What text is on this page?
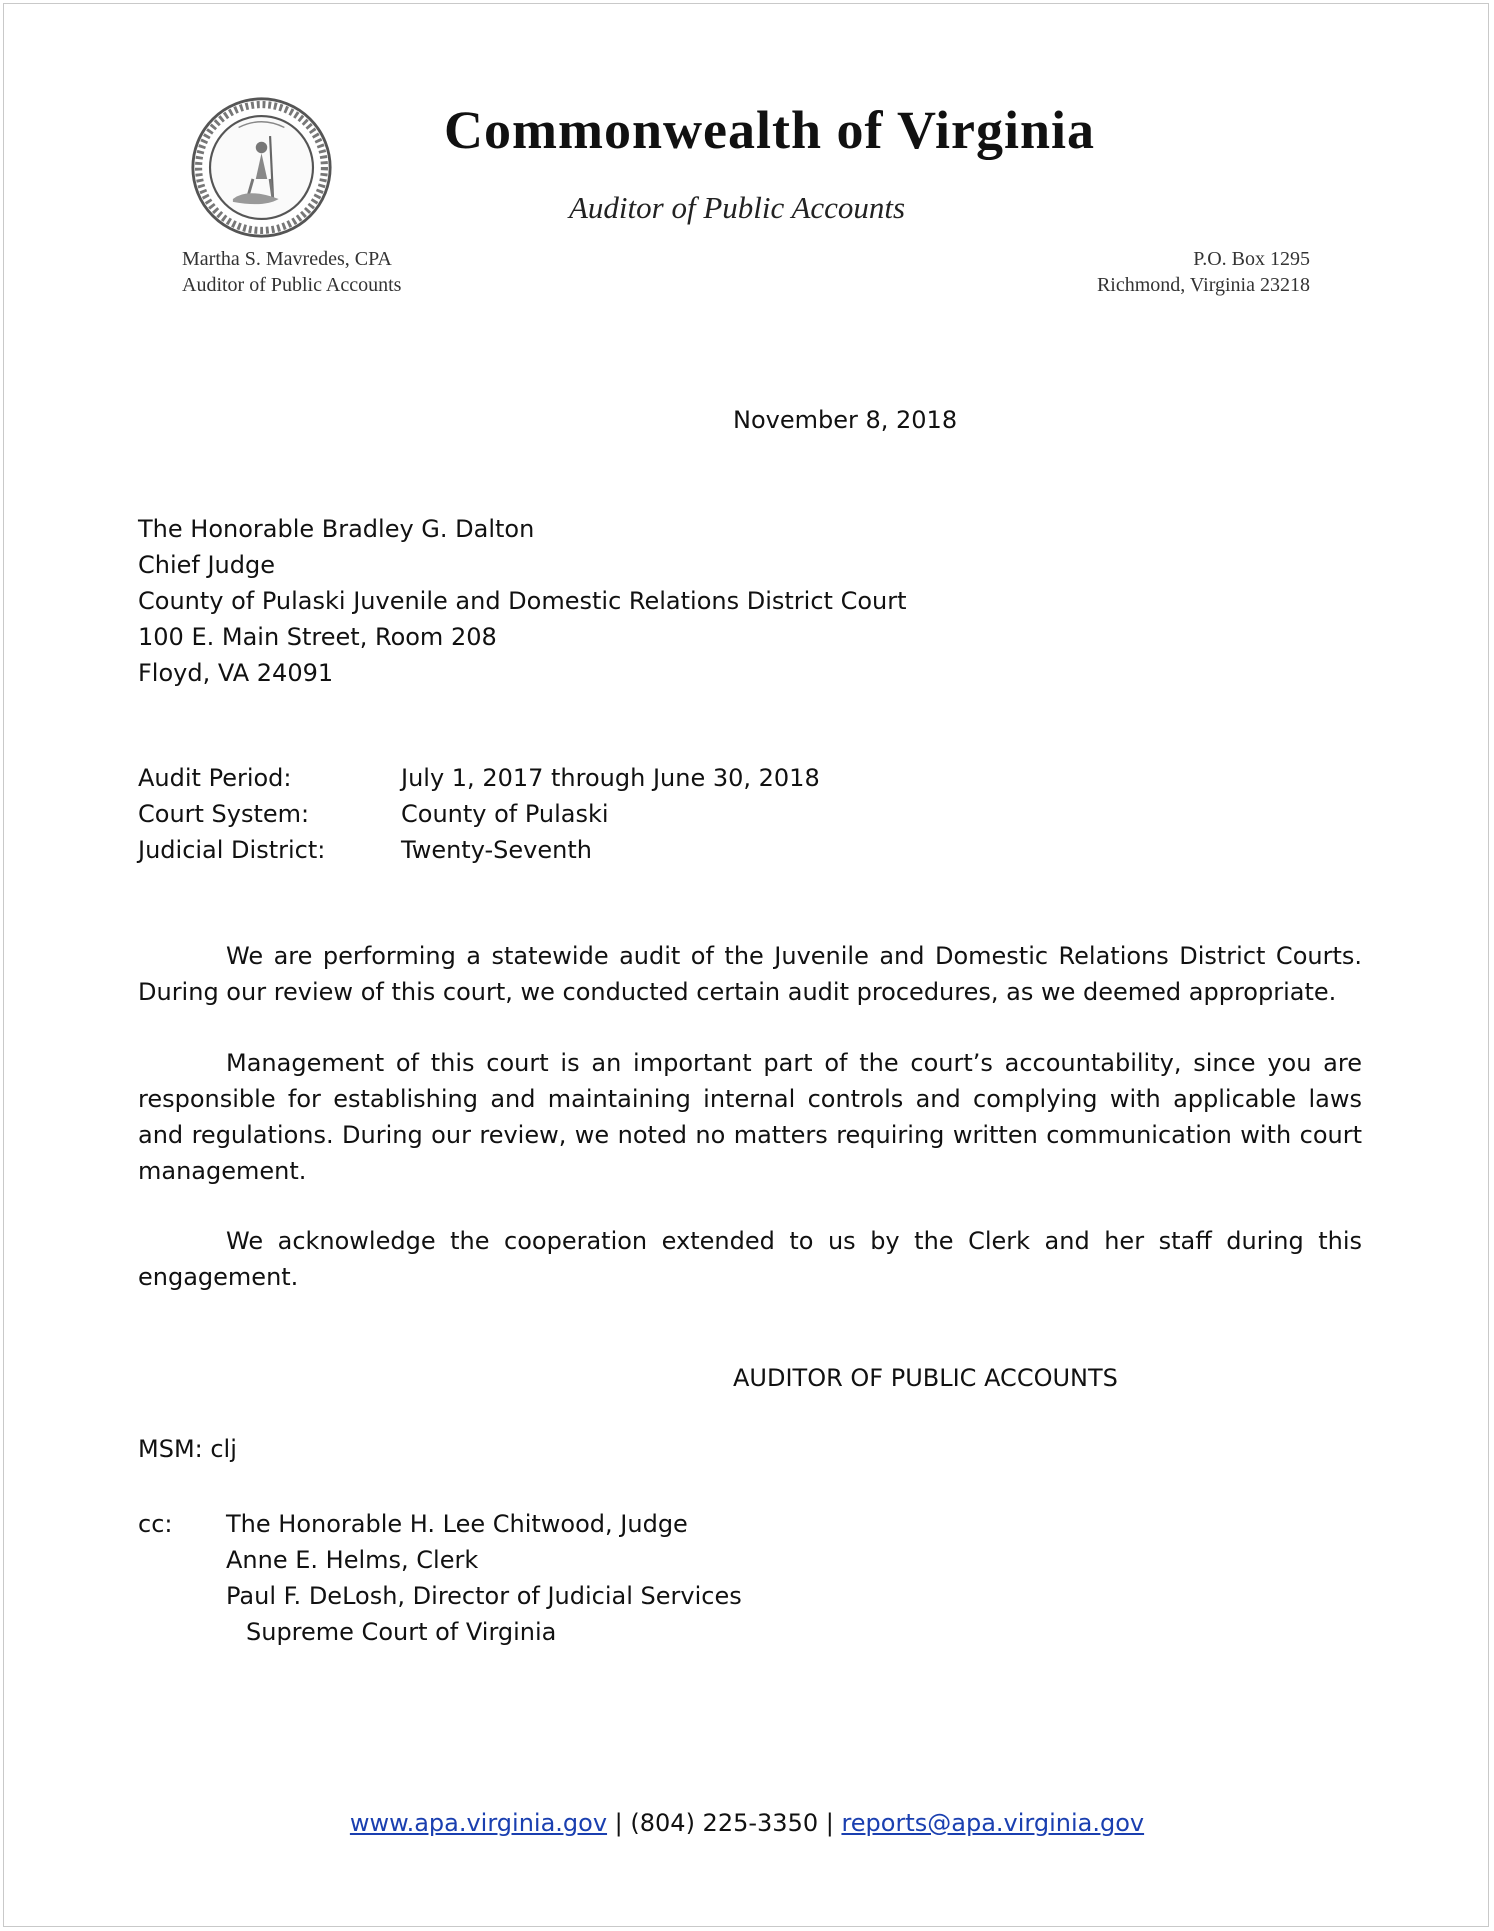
Commonwealth of Virginia
Auditor of Public Accounts
Martha S. Mavredes, CPA
Auditor of Public Accounts
P.O. Box 1295
Richmond, Virginia 23218
November 8, 2018
The Honorable Bradley G. Dalton
Chief Judge
County of Pulaski Juvenile and Domestic Relations District Court
100 E. Main Street, Room 208
Floyd, VA 24091
Audit Period:	July 1, 2017 through June 30, 2018
Court System:	County of Pulaski
Judicial District:	Twenty-Seventh
We are performing a statewide audit of the Juvenile and Domestic Relations District Courts. During our review of this court, we conducted certain audit procedures, as we deemed appropriate.
Management of this court is an important part of the court’s accountability, since you are responsible for establishing and maintaining internal controls and complying with applicable laws and regulations. During our review, we noted no matters requiring written communication with court management.
We acknowledge the cooperation extended to us by the Clerk and her staff during this engagement.
AUDITOR OF PUBLIC ACCOUNTS
MSM: clj
cc:	The Honorable H. Lee Chitwood, Judge
Anne E. Helms, Clerk
Paul F. DeLosh, Director of Judicial Services
Supreme Court of Virginia
www.apa.virginia.gov | (804) 225-3350 | reports@apa.virginia.gov
